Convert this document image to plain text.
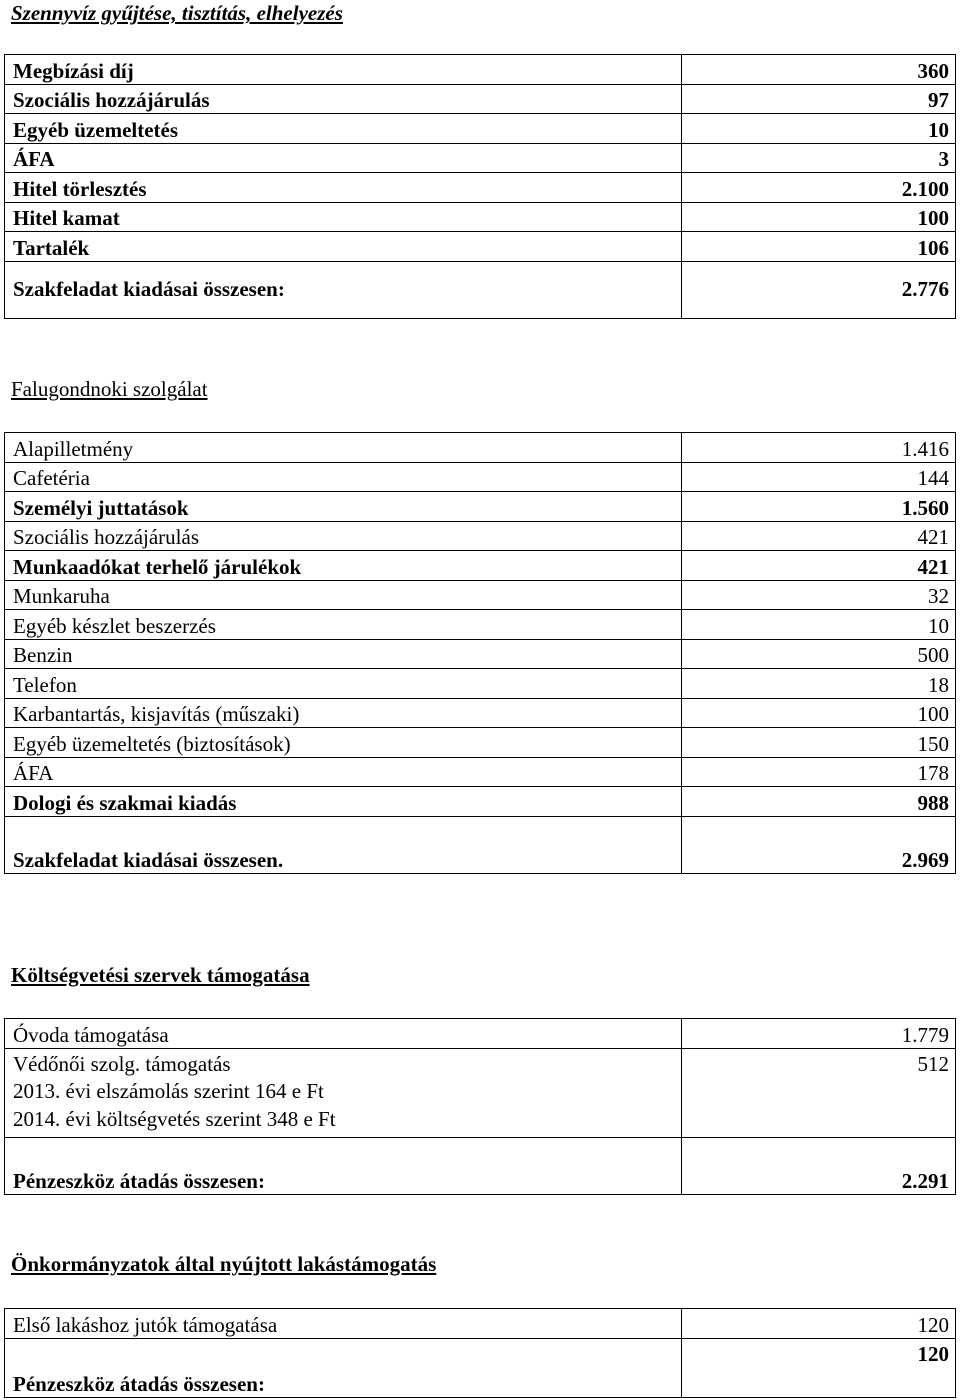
Szennyvíz gyűjtése, tisztítás, elhelyezés
Megbízási díj	360
Szociális hozzájárulás	97
Egyéb üzemeltetés	10
ÁFA	3
Hitel törlesztés	2.100
Hitel kamat	100
Tartalék	106
Szakfeladat kiadásai összesen:	2.776
Falugondnoki szolgálat
Alapilletmény	1.416
Cafetéria	144
Személyi juttatások	1.560
Szociális hozzájárulás	421
Munkaadókat terhelő járulékok	421
Munkaruha	32
Egyéb készlet beszerzés	10
Benzin	500
Telefon	18
Karbantartás, kisjavítás (műszaki)	100
Egyéb üzemeltetés (biztosítások)	150
ÁFA	178
Dologi és szakmai kiadás	988
Szakfeladat kiadásai összesen.	2.969
Költségvetési szervek támogatása
Óvoda támogatása	1.779

Védőnői szolg. támogatás
2013. évi elszámolás szerint 164 e Ft
2014. évi költségvetés szerint 348 e Ft	512
Pénzeszköz átadás összesen:	2.291
Önkormányzatok által nyújtott lakástámogatás
Első lakáshoz jutók támogatása	120
Pénzeszköz átadás összesen:	120
